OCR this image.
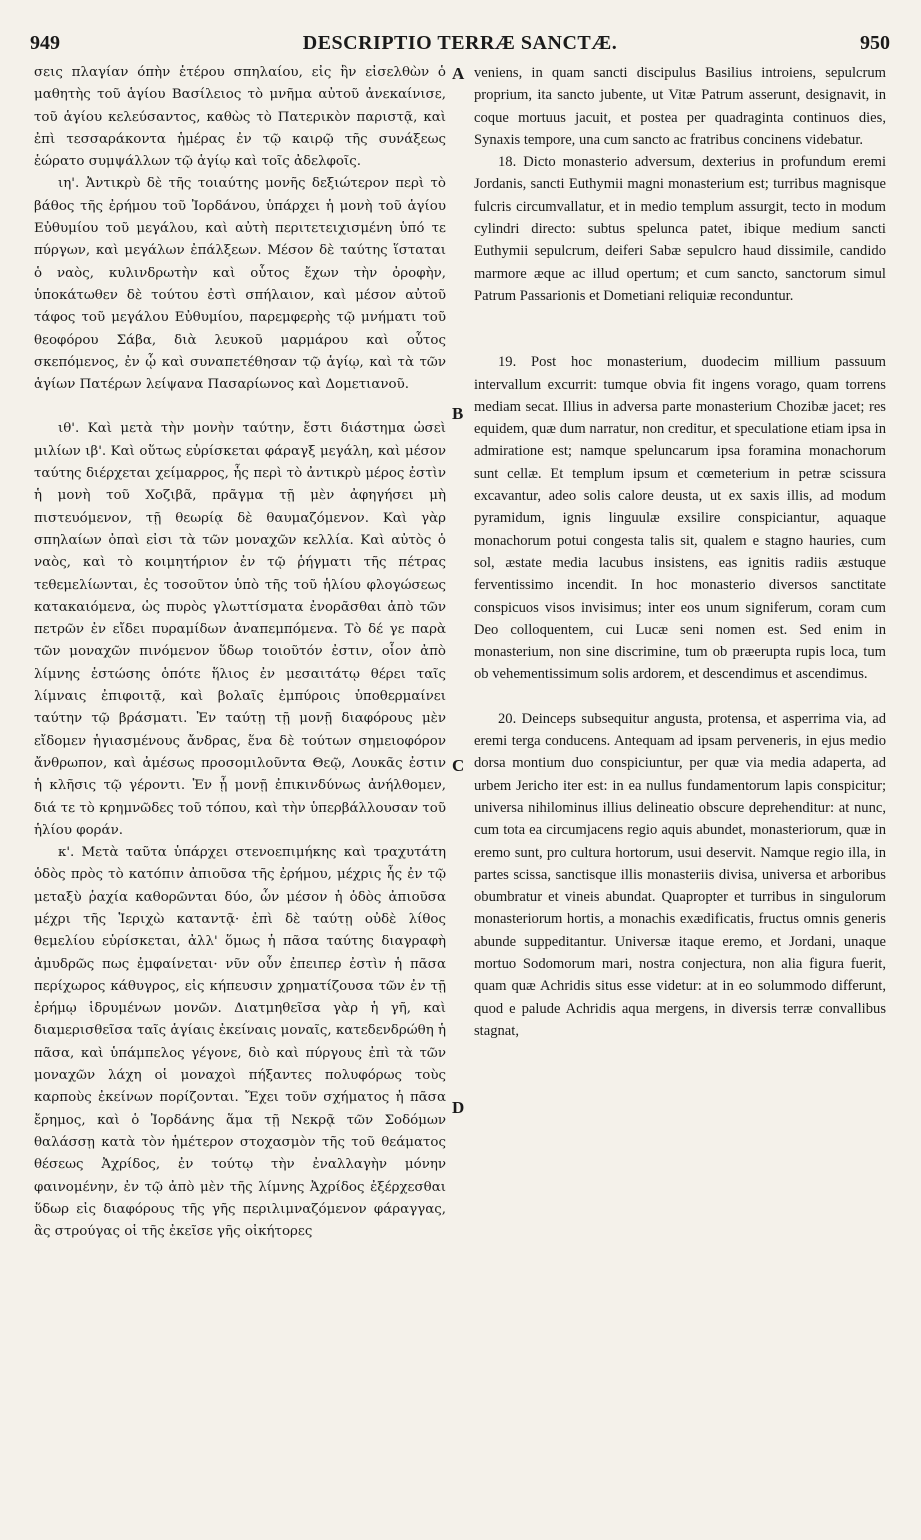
949	DESCRIPTIO TERRÆ SANCTÆ.	950

σεις πλαγίαν όπὴν ἑτέρου σπηλαίου, εἰς ἣν εἰσελθὼν ὁ μαθητὴς τοῦ ἁγίου Βασίλειος τὸ μνῆμα αὐτοῦ ἀνεκαίνισε, τοῦ ἁγίου κελεύσαντος, καθὼς τὸ Πατερικὸν παριστᾷ, καὶ ἐπὶ τεσσαράκοντα ἡμέρας ἐν τῷ καιρῷ τῆς συνάξεως ἑώρατο συμψάλλων τῷ ἁγίῳ καὶ τοῖς ἀδελφοῖς.

ιη'. Ἀντικρὺ δὲ τῆς τοιαύτης μονῆς δεξιώτερον περὶ τὸ βάθος τῆς ἐρήμου τοῦ Ἰορδάνου, ὑπάρχει ἡ μονὴ τοῦ ἁγίου Εὐθυμίου τοῦ μεγάλου, καὶ αὐτὴ περιτετειχισμένη ὑπό τε πύργων, καὶ μεγάλων ἐπάλξεων. Μέσον δὲ ταύτης ἵσταται ὁ ναὸς, κυλινδρωτὴν καὶ οὗτος ἔχων τὴν ὀροφὴν, ὑποκάτωθεν δὲ τούτου ἐστὶ σπήλαιον, καὶ μέσον αὐτοῦ τάφος τοῦ μεγάλου Εὐθυμίου, παρεμφερὴς τῷ μνήματι τοῦ θεοφόρου Σάβα, διὰ λευκοῦ μαρμάρου καὶ οὗτος σκεπόμενος, ἐν ᾧ καὶ συναπετέθησαν τῷ ἁγίῳ, καὶ τὰ τῶν ἁγίων Πατέρων λείψανα Πασαρίωνος καὶ Δομετιανοῦ.

ιθ'. Καὶ μετὰ τὴν μονὴν ταύτην, ἔστι διάστημα ὡσεὶ μιλίων ιβ'. Καὶ οὕτως εὑρίσκεται φάραγξ μεγάλη, καὶ μέσον ταύτης διέρχεται χείμαρρος, ἧς περὶ τὸ ἀντικρὺ μέρος ἐστὶν ἡ μονὴ τοῦ Χοζιβᾶ, πρᾶγμα τῇ μὲν ἀφηγήσει μὴ πιστευόμενον, τῇ θεωρίᾳ δὲ θαυμαζόμενον. Καὶ γὰρ σπηλαίων ὀπαὶ εἰσι τὰ τῶν μοναχῶν κελλία. Καὶ αὐτὸς ὁ ναὸς, καὶ τὸ κοιμητήριον ἐν τῷ ῥήγματι τῆς πέτρας τεθεμελίωνται, ἐς τοσοῦτον ὑπὸ τῆς τοῦ ἡλίου φλογώσεως κατακαιόμενα, ὡς πυρὸς γλωττίσματα ἐνορᾶσθαι ἀπὸ τῶν πετρῶν ἐν εἴδει πυραμίδων ἀναπεμπόμενα. Τὸ δέ γε παρὰ τῶν μοναχῶν πινόμενον ὕδωρ τοιοῦτόν ἐστιν, οἷον ἀπὸ λίμνης ἑστώσης ὁπότε ἥλιος ἐν μεσαιτάτῳ θέρει ταῖς λίμναις ἐπιφοιτᾷ, καὶ βολαῖς ἐμπύροις ὑποθερμαίνει ταύτην τῷ βράσματι. Ἐν ταύτῃ τῇ μονῇ διαφόρους μὲν εἴδομεν ἡγιασμένους ἄνδρας, ἕνα δὲ τούτων σημειοφόρον ἄνθρωπον, καὶ ἀμέσως προσομιλοῦντα Θεῷ, Λουκᾶς ἐστιν ἡ κλῆσις τῷ γέροντι. Ἐν ᾗ μονῇ ἐπικινδύνως ἀνήλθομεν, διά τε τὸ κρημνῶδες τοῦ τόπου, καὶ τὴν ὑπερβάλλουσαν τοῦ ἡλίου φοράν.

κ'. Μετὰ ταῦτα ὑπάρχει στενοεπιμήκης καὶ τραχυτάτη ὁδὸς πρὸς τὸ κατόπιν ἀπιοῦσα τῆς ἐρήμου, μέχρις ἧς ἐν τῷ μεταξὺ ῥαχία καθορῶνται δύο, ὧν μέσον ἡ ὁδὸς ἀπιοῦσα μέχρι τῆς Ἱεριχὼ καταντᾷ· ἐπὶ δὲ ταύτῃ οὐδὲ λίθος θεμελίου εὑρίσκεται, ἀλλ' ὅμως ἡ πᾶσα ταύτης διαγραφὴ ἀμυδρῶς πως ἐμφαίνεται· νῦν οὖν ἐπειπερ ἐστὶν ἡ πᾶσα περίχωρος κάθυγρος, εἰς κήπευσιν χρηματίζουσα τῶν ἐν τῇ ἐρήμῳ ἱδρυμένων μονῶν. Διατμηθεῖσα γὰρ ἡ γῆ, καὶ διαμερισθεῖσα ταῖς ἁγίαις ἐκείναις μοναῖς, κατεδενδρώθη ἡ πᾶσα, καὶ ὑπάμπελος γέγονε, διὸ καὶ πύργους ἐπὶ τὰ τῶν μοναχῶν λάχη οἱ μοναχοὶ πήξαντες πολυφόρως τοὺς καρποὺς ἐκείνων πορίζονται. Ἔχει τοῦν σχήματος ἡ πᾶσα ἔρημος, καὶ ὁ Ἰορδάνης ἅμα τῇ Νεκρᾷ τῶν Σοδόμων θαλάσσῃ κατὰ τὸν ἡμέτερον στοχασμὸν τῆς τοῦ θεάματος θέσεως Ἀχρίδος, ἐν τούτῳ τὴν ἐναλλαγὴν μόνην φαινομένην, ἐν τῷ ἀπὸ μὲν τῆς λίμνης Ἀχρίδος ἐξέρχεσθαι ὕδωρ εἰς διαφόρους τῆς γῆς περιλιμναζόμενον φάραγγας, ἃς στρούγας οἱ τῆς ἐκεῖσε γῆς οἰκήτορες

veniens, in quam sancti discipulus Basilius introiens, sepulcrum proprium, ita sancto jubente, ut Vitæ Patrum asserunt, designavit, in coque mortuus jacuit, et postea per quadraginta continuos dies, Synaxis tempore, una cum sancto ac fratribus concinens videbatur.

18. Dicto monasterio adversum, dexterius in profundum eremi Jordanis, sancti Euthymii magni monasterium est; turribus magnisque fulcris circumvallatur, et in medio templum assurgit, tecto in modum cylindri directo: subtus spelunca patet, ibique medium sancti Euthymii sepulcrum, deiferi Sabæ sepulcro haud dissimile, candido marmore æque ac illud opertum; et cum sancto, sanctorum simul Patrum Passarionis et Dometiani reliquiæ reconduntur.

19. Post hoc monasterium, duodecim millium passuum intervallum excurrit: tumque obvia fit ingens vorago, quam torrens mediam secat. Illius in adversa parte monasterium Chozibæ jacet; res equidem, quæ dum narratur, non creditur, et speculatione etiam ipsa in admiratione est; namque speluncarum ipsa foramina monachorum sunt cellæ. Et templum ipsum et cœmeterium in petræ scissura excavantur, adeo solis calore deusta, ut ex saxis illis, ad modum pyramidum, ignis linguulæ exsilire conspiciantur, aquaque monachorum potui congesta talis sit, qualem e stagno hauries, cum sol, æstate media lacubus insistens, eas ignitis radiis æstuque ferventissimo incendit. In hoc monasterio diversos sanctitate conspicuos visos invisimus; inter eos unum signiferum, coram cum Deo colloquentem, cui Lucæ seni nomen est. Sed enim in monasterium, non sine discrimine, tum ob præerupta rupis loca, tum ob vehementissimum solis ardorem, et descendimus et ascendimus.

20. Deinceps subsequitur angusta, protensa, et asperrima via, ad eremi terga conducens. Antequam ad ipsam perveneris, in ejus medio dorsa montium duo conspiciuntur, per quæ via media adaperta, ad urbem Jericho iter est: in ea nullus fundamentorum lapis conspicitur; universa nihilominus illius delineatio obscure deprehenditur: at nunc, cum tota ea circumjacens regio aquis abundet, monasteriorum, quæ in eremo sunt, pro cultura hortorum, usui deservit. Namque regio illa, in partes scissa, sanctisque illis monasteriis divisa, universa et arboribus obumbratur et vineis abundat. Quapropter et turribus in singulorum monasteriorum hortis, a monachis exædificatis, fructus omnis generis abunde suppeditantur. Universæ itaque eremo, et Jordani, unaque mortuo Sodomorum mari, nostra conjectura, non alia figura fuerit, quam quæ Achridis situs esse videtur: at in eo solummodo differunt, quod e palude Achridis aqua mergens, in diversis terræ convallibus stagnat,

A
B
C
D
